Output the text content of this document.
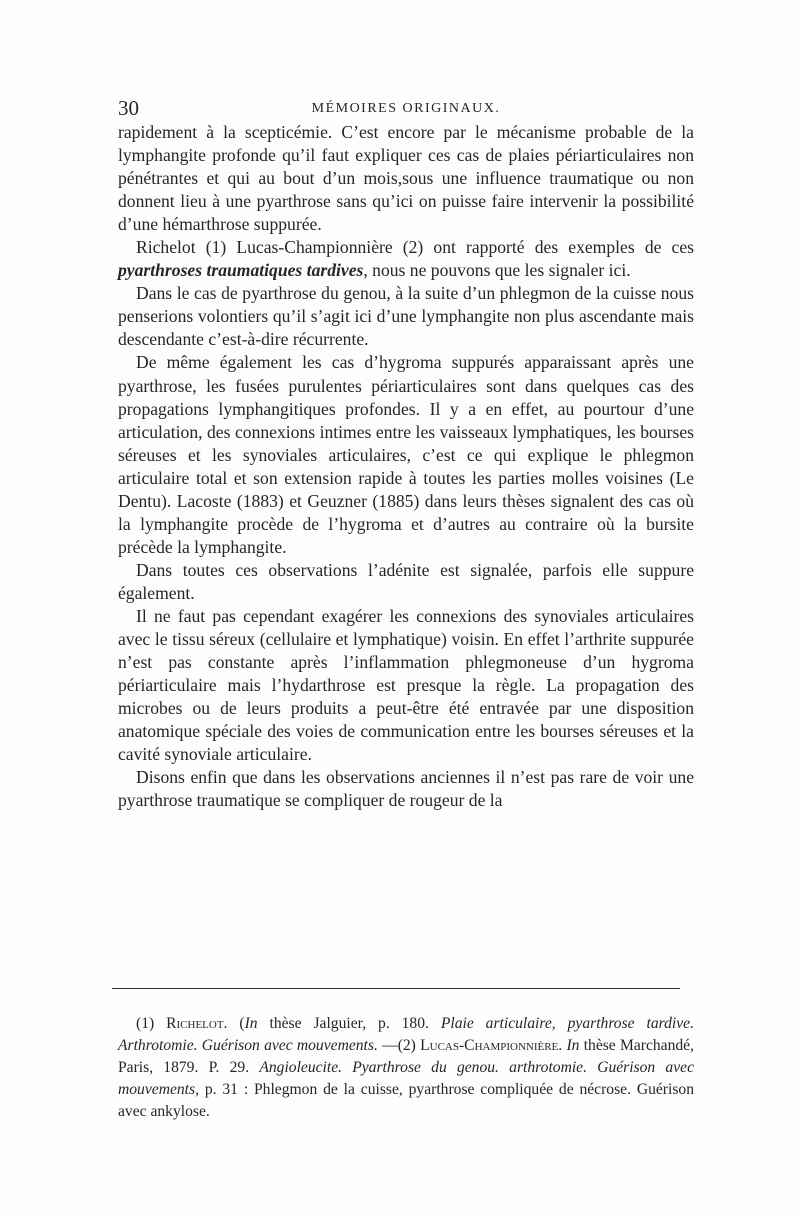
30	MÉMOIRES ORIGINAUX.

rapidement à la scepticémie. C’est encore par le mécanisme probable de la lymphangite profonde qu’il faut expliquer ces cas de plaies périarticulaires non pénétrantes et qui au bout d’un mois,sous une influence traumatique ou non donnent lieu à une pyarthrose sans qu’ici on puisse faire intervenir la possibilité d’une hémarthrose suppurée.

Richelot (1) Lucas-Championnière (2) ont rapporté des exemples de ces pyarthroses traumatiques tardives, nous ne pouvons que les signaler ici.

Dans le cas de pyarthrose du genou, à la suite d’un phlegmon de la cuisse nous penserions volontiers qu’il s’agit ici d’une lymphangite non plus ascendante mais descendante c’est-à-dire récurrente.

De même également les cas d’hygroma suppurés apparaissant après une pyarthrose, les fusées purulentes périarticulaires sont dans quelques cas des propagations lymphangitiques profondes. Il y a en effet, au pourtour d’une articulation, des connexions intimes entre les vaisseaux lymphatiques, les bourses séreuses et les synoviales articulaires, c’est ce qui explique le phlegmon articulaire total et son extension rapide à toutes les parties molles voisines (Le Dentu). Lacoste (1883) et Geuzner (1885) dans leurs thèses signalent des cas où la lymphangite procède de l’hygroma et d’autres au contraire où la bursite précède la lymphangite.

Dans toutes ces observations l’adénite est signalée, parfois elle suppure également.

Il ne faut pas cependant exagérer les connexions des synoviales articulaires avec le tissu séreux (cellulaire et lymphatique) voisin. En effet l’arthrite suppurée n’est pas constante après l’inflammation phlegmoneuse d’un hygroma périarticulaire mais l’hydarthrose est presque la règle. La propagation des microbes ou de leurs produits a peut-être été entravée par une disposition anatomique spéciale des voies de communication entre les bourses séreuses et la cavité synoviale articulaire.

Disons enfin que dans les observations anciennes il n’est pas rare de voir une pyarthrose traumatique se compliquer de rougeur de la

(1) Richelot. (In thèse Jalguier, p. 180. Plaie articulaire, pyarthrose tardive. Arthrotomie. Guérison avec mouvements. —(2) Lucas-Championnière. In thèse Marchandé, Paris, 1879. P. 29. Angioleucite. Pyarthrose du genou. arthrotomie. Guérison avec mouvements, p. 31 : Phlegmon de la cuisse, pyarthrose compliquée de nécrose. Guérison avec ankylose.
